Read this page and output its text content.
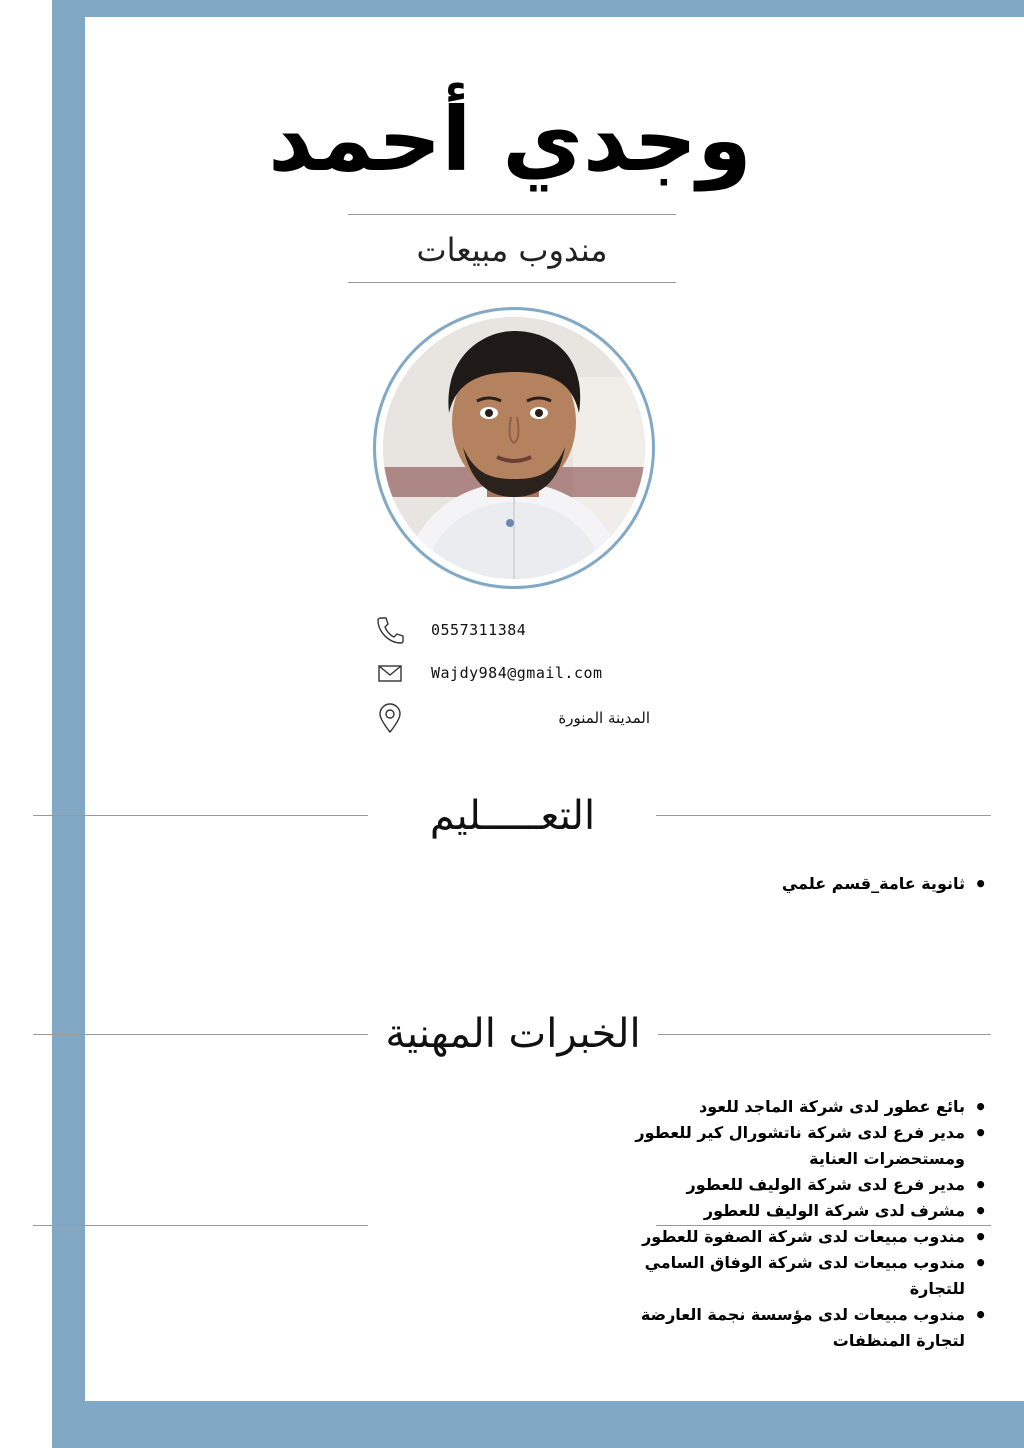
وجدي أحمد
مندوب مبيعات
0557311384
Wajdy984@gmail.com
المدينة المنورة
التعـــــليم
• ثانوية عامة_قسم علمي
الخبرات المهنية
• بائع عطور لدى شركة الماجد للعود
• مدير فرع لدى شركة ناتشورال كير للعطور ومستحضرات العناية
• مدير فرع لدى شركة الوليف للعطور
• مشرف لدى شركة الوليف للعطور
• مندوب مبيعات لدى شركة الصفوة للعطور
• مندوب مبيعات لدى شركة الوفاق السامي للتجارة
• مندوب مبيعات لدى مؤسسة نجمة العارضة لتجارة المنظفات
